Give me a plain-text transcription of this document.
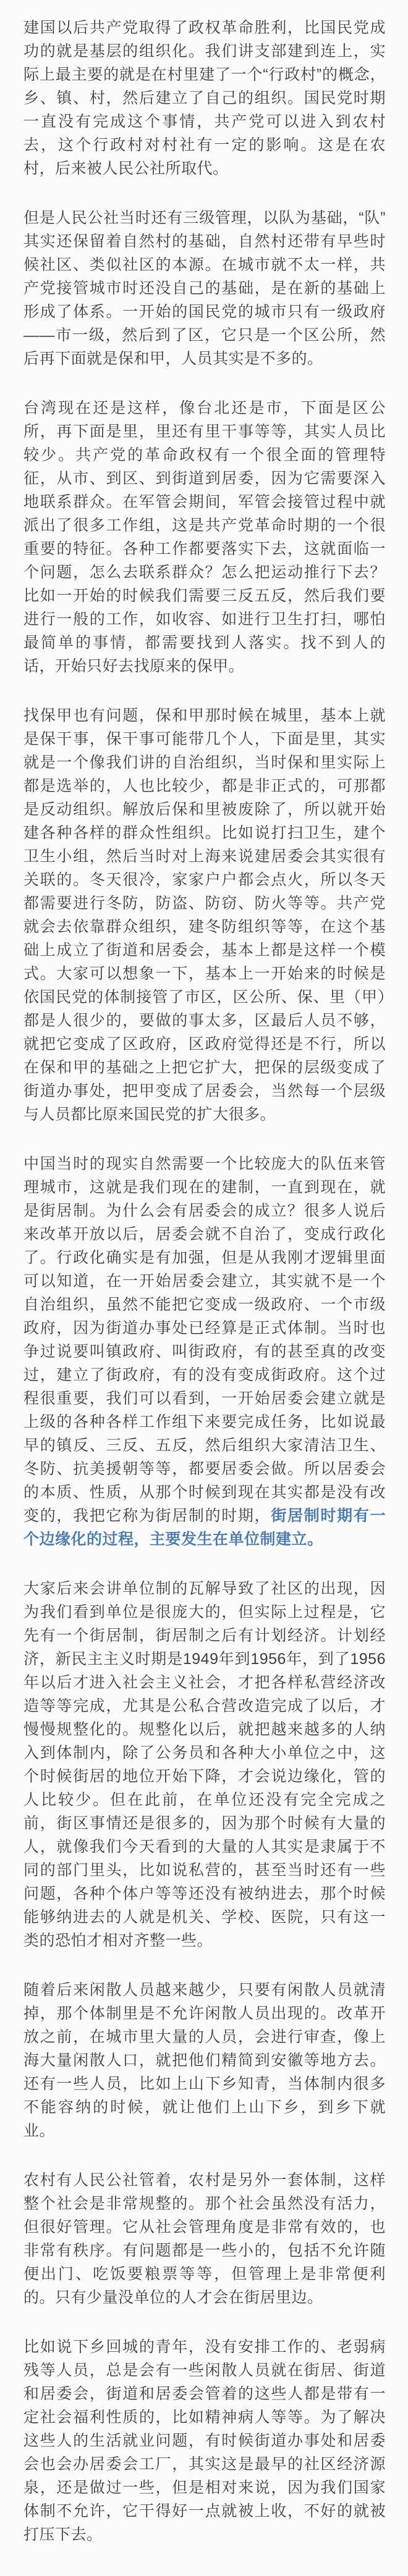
建国以后共产党取得了政权革命胜利，比国民党成功的就是基层的组织化。我们讲支部建到连上，实际上最主要的就是在村里建了一个“行政村”的概念，乡、镇、村，然后建立了自己的组织。国民党时期一直没有完成这个事情，共产党可以进入到农村去，这个行政村对村社有一定的影响。这是在农村，后来被人民公社所取代。

但是人民公社当时还有三级管理，以队为基础，“队”其实还保留着自然村的基础，自然村还带有早些时候社区、类似社区的本源。在城市就不太一样，共产党接管城市时还没自己的基础，是在新的基础上形成了体系。一开始的国民党的城市只有一级政府——市一级，然后到了区，它只是一个区公所，然后再下面就是保和甲，人员其实是不多的。

台湾现在还是这样，像台北还是市，下面是区公所，再下面是里，里还有里干事等等，其实人员比较少。共产党的革命政权有一个很全面的管理特征，从市、到区、到街道到居委，因为它需要深入地联系群众。在军管会期间，军管会接管过程中就派出了很多工作组，这是共产党革命时期的一个很重要的特征。各种工作都要落实下去，这就面临一个问题，怎么去联系群众？怎么把运动推行下去？比如一开始的时候我们需要三反五反，然后我们要进行一般的工作，如收容、如进行卫生打扫，哪怕最简单的事情，都需要找到人落实。找不到人的话，开始只好去找原来的保甲。

找保甲也有问题，保和甲那时候在城里，基本上就是保干事，保干事可能带几个人，下面是里，其实就是一个像我们讲的自治组织，当时保和里实际上都是选举的，人也比较少，都是非正式的，可那都是反动组织。解放后保和里被废除了，所以就开始建各种各样的群众性组织。比如说打扫卫生，建个卫生小组，然后当时对上海来说建居委会其实很有关联的。冬天很冷，家家户户都会点火，所以冬天都需要进行冬防，防盗、防窃、防火等等。共产党就会去依靠群众组织，建冬防组织等等，在这个基础上成立了街道和居委会，基本上都是这样一个模式。大家可以想象一下，基本上一开始来的时候是依国民党的体制接管了市区，区公所、保、里（甲）都是人很少的，要做的事太多，区最后人员不够，就把它变成了区政府，区政府觉得还是不行，所以在保和甲的基础之上把它扩大，把保的层级变成了街道办事处，把甲变成了居委会，当然每一个层级与人员都比原来国民党的扩大很多。

中国当时的现实自然需要一个比较庞大的队伍来管理城市，这就是我们现在的建制，一直到现在，就是街居制。为什么会有居委会的成立？很多人说后来改革开放以后，居委会就不自治了，变成行政化了。行政化确实是有加强，但是从我刚才逻辑里面可以知道，在一开始居委会建立，其实就不是一个自治组织，虽然不能把它变成一级政府、一个市级政府，因为街道办事处已经算是正式体制。当时也争过说要叫镇政府、叫街政府，有的甚至真的改变过，建立了街政府，有的没有变成街政府。这个过程很重要，我们可以看到，一开始居委会建立就是上级的各种各样工作组下来要完成任务，比如说最早的镇反、三反、五反，然后组织大家清洁卫生、冬防、抗美援朝等等，都要居委会做。所以居委会的本质、性质，从那个时候到现在其实都是没有改变的，我把它称为街居制的时期，街居制时期有一个边缘化的过程，主要发生在单位制建立。

大家后来会讲单位制的瓦解导致了社区的出现，因为我们看到单位是很庞大的，但实际上过程是，它先有一个街居制，街居制之后有计划经济。计划经济，新民主主义时期是1949年到1956年，到了1956年以后才进入社会主义社会，才把各样私营经济改造等等完成，尤其是公私合营改造完成了以后，才慢慢规整化的。规整化以后，就把越来越多的人纳入到体制内，除了公务员和各种大小单位之中，这个时候街居的地位开始下降，才会说边缘化，管的人比较少。但在此前，在单位还没有完全完成之前，街区事情还是很多的，因为那个时候有大量的人，就像我们今天看到的大量的人其实是隶属于不同的部门里头，比如说私营的，甚至当时还有一些问题，各种个体户等等还没有被纳进去，那个时候能够纳进去的人就是机关、学校、医院，只有这一类的恐怕才相对齐整一些。

随着后来闲散人员越来越少，只要有闲散人员就清掉，那个体制里是不允许闲散人员出现的。改革开放之前，在城市里大量的人员，会进行审查，像上海大量闲散人口，就把他们精简到安徽等地方去。还有一些人员，比如上山下乡知青，当体制内很多不能容纳的时候，就让他们上山下乡，到乡下就业。

农村有人民公社管着，农村是另外一套体制，这样整个社会是非常规整的。那个社会虽然没有活力，但很好管理。它从社会管理角度是非常有效的，也非常有秩序。有问题都是一些小的，包括不允许随便出门、吃饭要粮票等等，但管理上是非常便利的。只有少量没单位的人才会在街居里边。

比如说下乡回城的青年，没有安排工作的、老弱病残等人员，总是会有一些闲散人员就在街居、街道和居委会，街道和居委会管着的这些人都是带有一定社会福利性质的，比如精神病人等等。为了解决这些人的生活就业问题，有时候街道办事处和居委会也会办居委会工厂，其实这是最早的社区经济源泉，还是做过一些，但是相对来说，因为我们国家体制不允许，它干得好一点就被上收，不好的就被打压下去。
